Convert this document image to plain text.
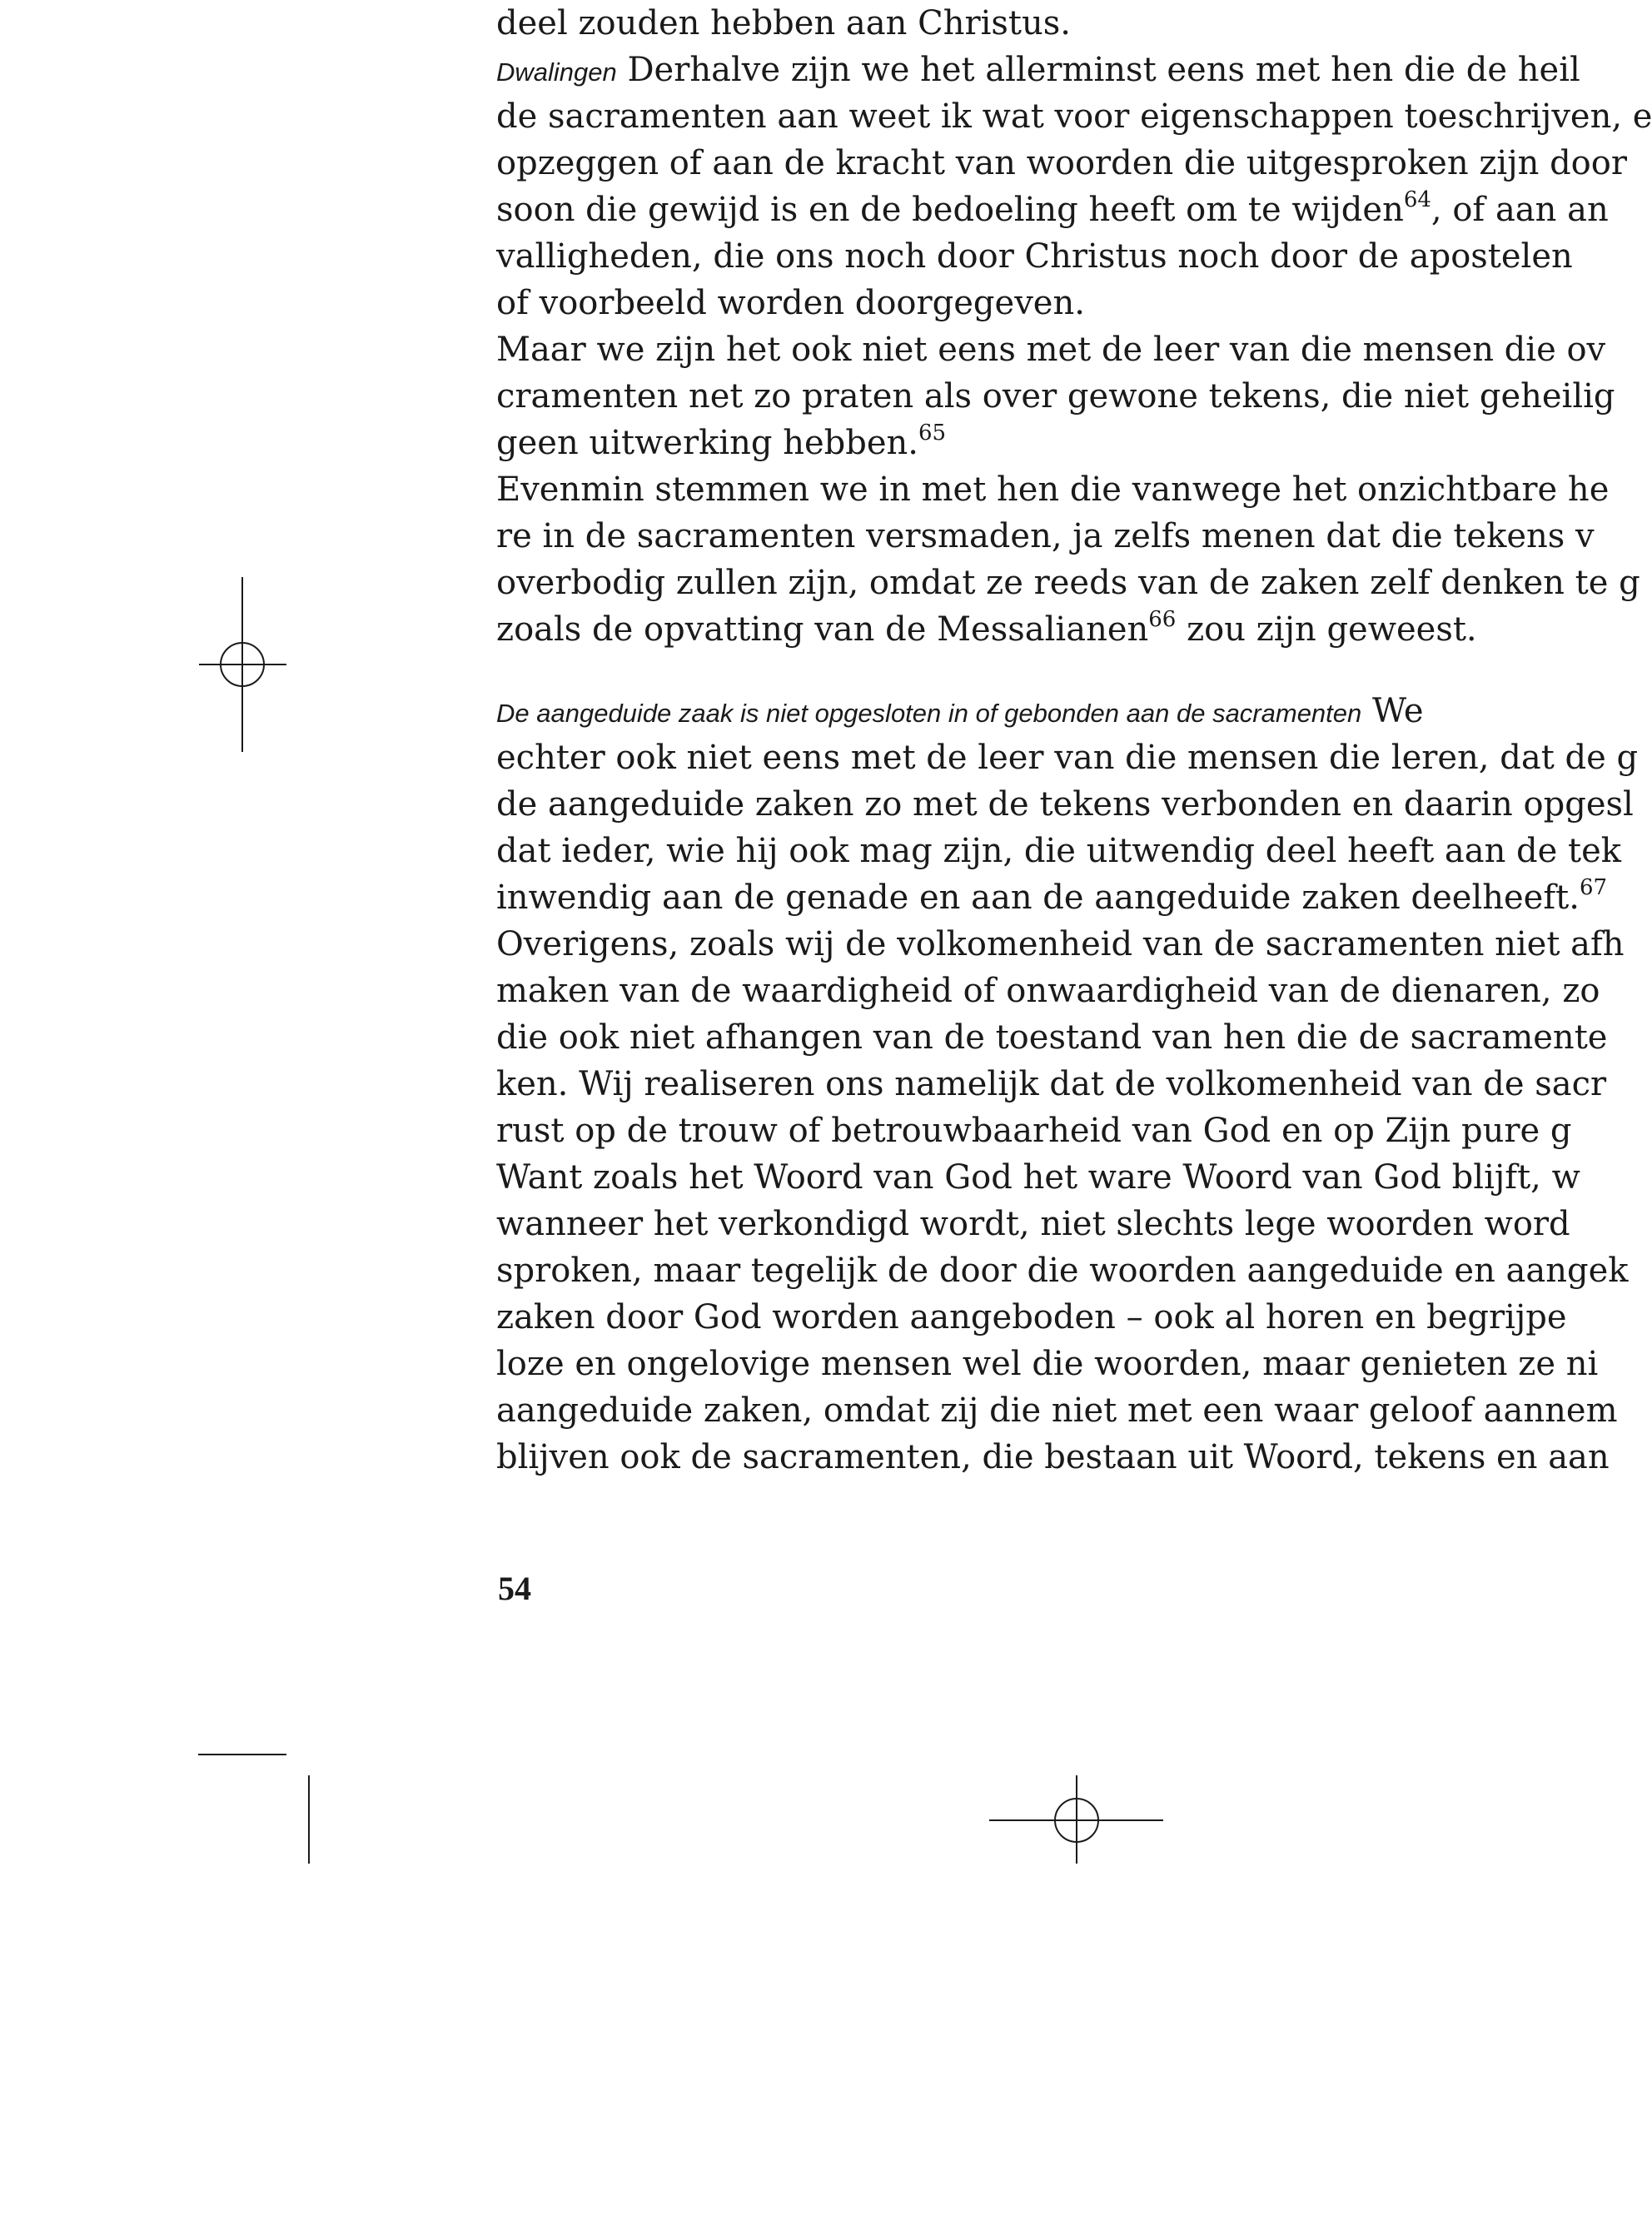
deel zouden hebben aan Christus.
Dwalingen Derhalve zijn we het allerminst eens met hen die de heil
de sacramenten aan weet ik wat voor eigenschappen toeschrijven, e
opzeggen of aan de kracht van woorden die uitgesproken zijn door
soon die gewijd is en de bedoeling heeft om te wijden$^{64}$, of aan an
valligheden, die ons noch door Christus noch door de apostelen
of voorbeeld worden doorgegeven.
Maar we zijn het ook niet eens met de leer van die mensen die ov
cramenten net zo praten als over gewone tekens, die niet geheilig
geen uitwerking hebben.$^{65}$
Evenmin stemmen we in met hen die vanwege het onzichtbare he
re in de sacramenten versmaden, ja zelfs menen dat die tekens v
overbodig zullen zijn, omdat ze reeds van de zaken zelf denken te g
zoals de opvatting van de Messalianen$^{66}$ zou zijn geweest.
De aangeduide zaak is niet opgesloten in of gebonden aan de sacramenten We
echter ook niet eens met de leer van die mensen die leren, dat de g
de aangeduide zaken zo met de tekens verbonden en daarin opgesl
dat ieder, wie hij ook mag zijn, die uitwendig deel heeft aan de tek
inwendig aan de genade en aan de aangeduide zaken deelheeft.$^{67}$
Overigens, zoals wij de volkomenheid van de sacramenten niet afh
maken van de waardigheid of onwaardigheid van de dienaren, zo
die ook niet afhangen van de toestand van hen die de sacramente
ken. Wij realiseren ons namelijk dat de volkomenheid van de sacr
rust op de trouw of betrouwbaarheid van God en op Zijn pure g
Want zoals het Woord van God het ware Woord van God blijft, w
wanneer het verkondigd wordt, niet slechts lege woorden word
sproken, maar tegelijk de door die woorden aangeduide en aangek
zaken door God worden aangeboden – ook al horen en begrijpe
loze en ongelovige mensen wel die woorden, maar genieten ze ni
aangeduide zaken, omdat zij die niet met een waar geloof aannem
blijven ook de sacramenten, die bestaan uit Woord, tekens en aan
54
